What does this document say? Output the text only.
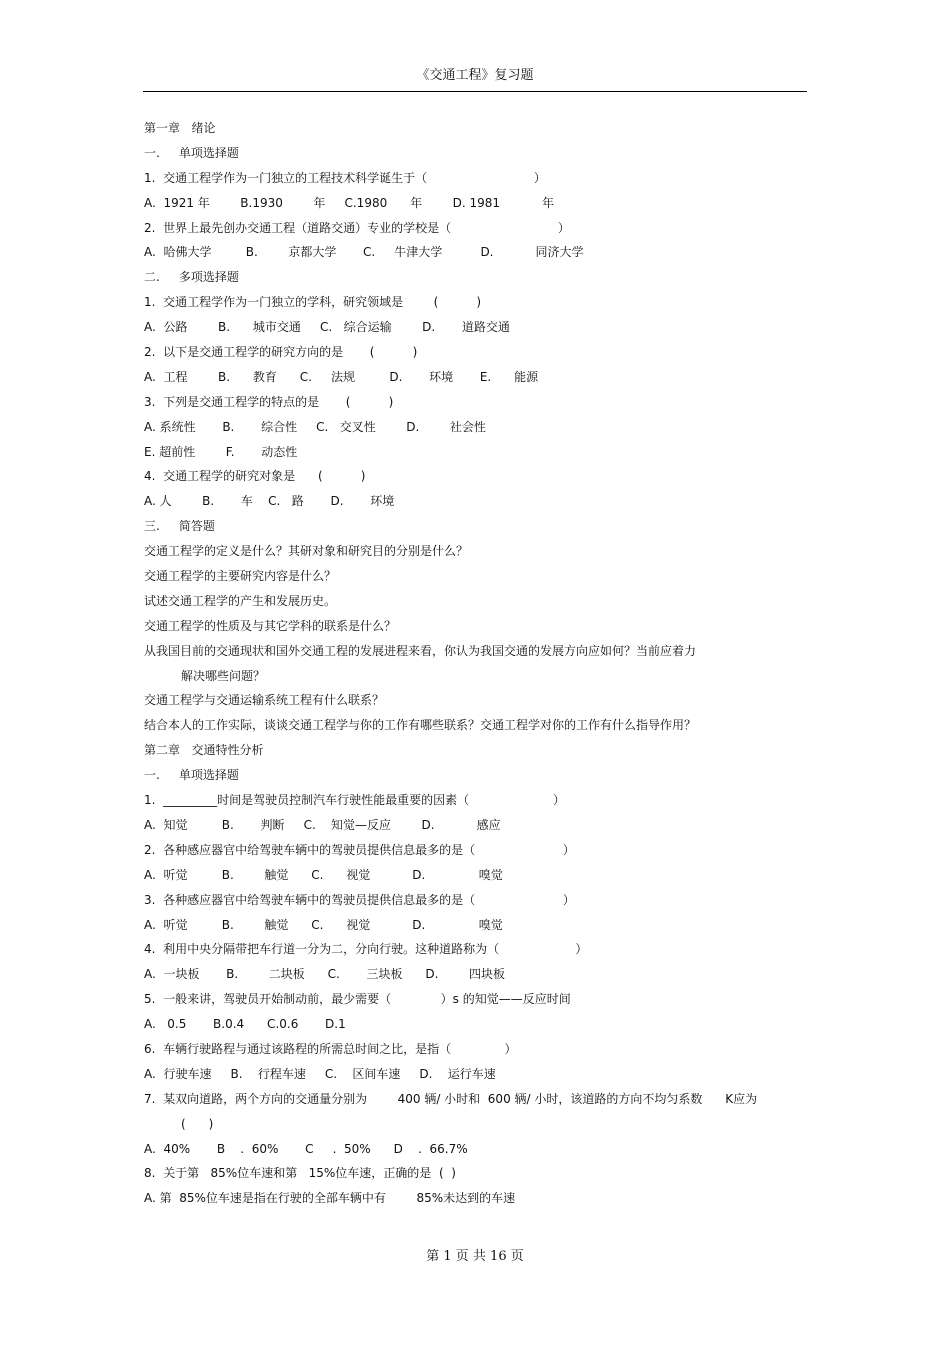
《交通工程》复习题
第一章   绪论
一.     单项选择题
1.  交通工程学作为一门独立的工程技术科学诞生于（                            ）
A.  1921 年        B.1930        年     C.1980      年        D. 1981           年
2.  世界上最先创办交通工程（道路交通）专业的学校是（                            ）
A.  哈佛大学         B.        京都大学       C.     牛津大学          D.           同济大学
二.     多项选择题
1.  交通工程学作为一门独立的学科，研究领域是        (          )
A.  公路        B.      城市交通     C.   综合运输        D.       道路交通
2.  以下是交通工程学的研究方向的是       (          )
A.  工程        B.      教育      C.     法规         D.       环境       E.      能源
3.  下列是交通工程学的特点的是       (          )
A. 系统性       B.       综合性     C.   交叉性        D.        社会性
E. 超前性        F.       动态性
4.  交通工程学的研究对象是      (          )
A. 人        B.       车    C.   路       D.       环境
三.     简答题
交通工程学的定义是什么？其研对象和研究目的分别是什么？
交通工程学的主要研究内容是什么？
试述交通工程学的产生和发展历史。
交通工程学的性质及与其它学科的联系是什么？
从我国目前的交通现状和国外交通工程的发展进程来看，你认为我国交通的发展方向应如何？当前应着力
解决哪些问题？
交通工程学与交通运输系统工程有什么联系？
结合本人的工作实际，谈谈交通工程学与你的工作有哪些联系？交通工程学对你的工作有什么指导作用？
第二章   交通特性分析
一.     单项选择题
1.  _________时间是驾驶员控制汽车行驶性能最重要的因素（                      ）
A.  知觉         B.       判断     C.    知觉—反应        D.           感应
2.  各种感应器官中给驾驶车辆中的驾驶员提供信息最多的是（                       ）
A.  听觉         B.        触觉      C.      视觉           D.              嗅觉
3.  各种感应器官中给驾驶车辆中的驾驶员提供信息最多的是（                       ）
A.  听觉         B.        触觉      C.      视觉           D.              嗅觉
4.  利用中央分隔带把车行道一分为二，分向行驶。这种道路称为（                    ）
A.  一块板       B.        二块板      C.       三块板      D.        四块板
5.  一般来讲，驾驶员开始制动前，最少需要（             ）s 的知觉——反应时间
A.   0.5       B.0.4      C.0.6       D.1
6.  车辆行驶路程与通过该路程的所需总时间之比，是指（              ）
A.  行驶车速     B.    行程车速     C.    区间车速     D.    运行车速
7.  某双向道路，两个方向的交通量分别为        400 辆/ 小时和  600 辆/ 小时，该道路的方向不均匀系数      K应为
(      )
A.  40%       B    .  60%       C     .  50%      D    .  66.7%
8.  关于第   85%位车速和第   15%位车速，正确的是  (  )
A. 第  85%位车速是指在行驶的全部车辆中有        85%未达到的车速
第 1 页 共 16 页
